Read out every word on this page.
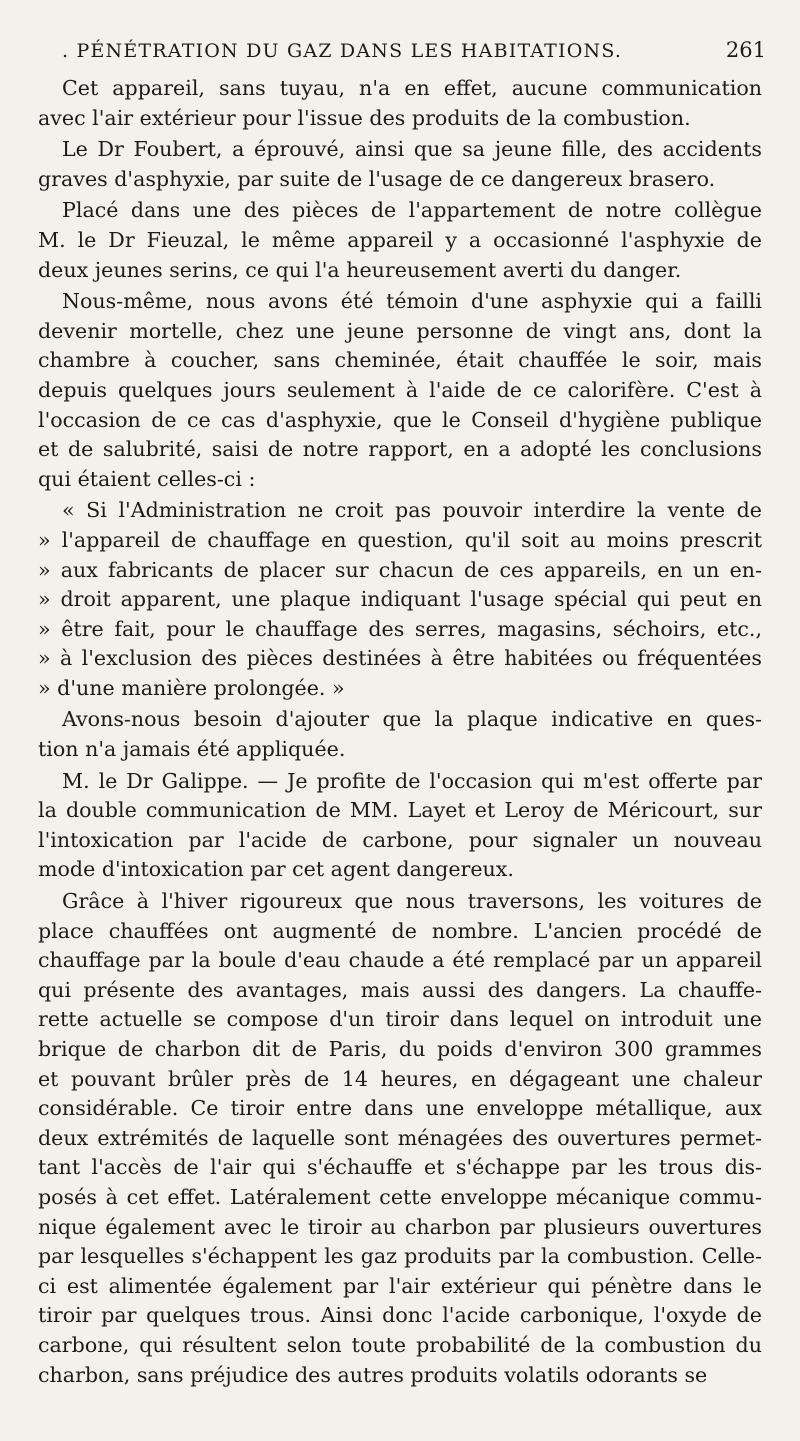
. PÉNÉTRATION DU GAZ DANS LES HABITATIONS.	261

Cet appareil, sans tuyau, n'a en effet, aucune communication
avec l'air extérieur pour l'issue des produits de la combustion.

Le Dr Foubert, a éprouvé, ainsi que sa jeune fille, des accidents
graves d'asphyxie, par suite de l'usage de ce dangereux brasero.

Placé dans une des pièces de l'appartement de notre collègue
M. le Dr Fieuzal, le même appareil y a occasionné l'asphyxie de
deux jeunes serins, ce qui l'a heureusement averti du danger.

Nous-même, nous avons été témoin d'une asphyxie qui a failli
devenir mortelle, chez une jeune personne de vingt ans, dont la
chambre à coucher, sans cheminée, était chauffée le soir, mais
depuis quelques jours seulement à l'aide de ce calorifère. C'est à
l'occasion de ce cas d'asphyxie, que le Conseil d'hygiène publique
et de salubrité, saisi de notre rapport, en a adopté les conclusions
qui étaient celles-ci :

« Si l'Administration ne croit pas pouvoir interdire la vente de
» l'appareil de chauffage en question, qu'il soit au moins prescrit
» aux fabricants de placer sur chacun de ces appareils, en un en-
» droit apparent, une plaque indiquant l'usage spécial qui peut en
» être fait, pour le chauffage des serres, magasins, séchoirs, etc.,
» à l'exclusion des pièces destinées à être habitées ou fréquentées
» d'une manière prolongée. »

Avons-nous besoin d'ajouter que la plaque indicative en ques-
tion n'a jamais été appliquée.

M. le Dr Galippe. — Je profite de l'occasion qui m'est offerte par
la double communication de MM. Layet et Leroy de Méricourt, sur
l'intoxication par l'acide de carbone, pour signaler un nouveau
mode d'intoxication par cet agent dangereux.

Grâce à l'hiver rigoureux que nous traversons, les voitures de
place chauffées ont augmenté de nombre. L'ancien procédé de
chauffage par la boule d'eau chaude a été remplacé par un appareil
qui présente des avantages, mais aussi des dangers. La chauffe-
rette actuelle se compose d'un tiroir dans lequel on introduit une
brique de charbon dit de Paris, du poids d'environ 300 grammes
et pouvant brûler près de 14 heures, en dégageant une chaleur
considérable. Ce tiroir entre dans une enveloppe métallique, aux
deux extrémités de laquelle sont ménagées des ouvertures permet-
tant l'accès de l'air qui s'échauffe et s'échappe par les trous dis-
posés à cet effet. Latéralement cette enveloppe mécanique commu-
nique également avec le tiroir au charbon par plusieurs ouvertures
par lesquelles s'échappent les gaz produits par la combustion. Celle-
ci est alimentée également par l'air extérieur qui pénètre dans le
tiroir par quelques trous. Ainsi donc l'acide carbonique, l'oxyde de
carbone, qui résultent selon toute probabilité de la combustion du
charbon, sans préjudice des autres produits volatils odorants se
